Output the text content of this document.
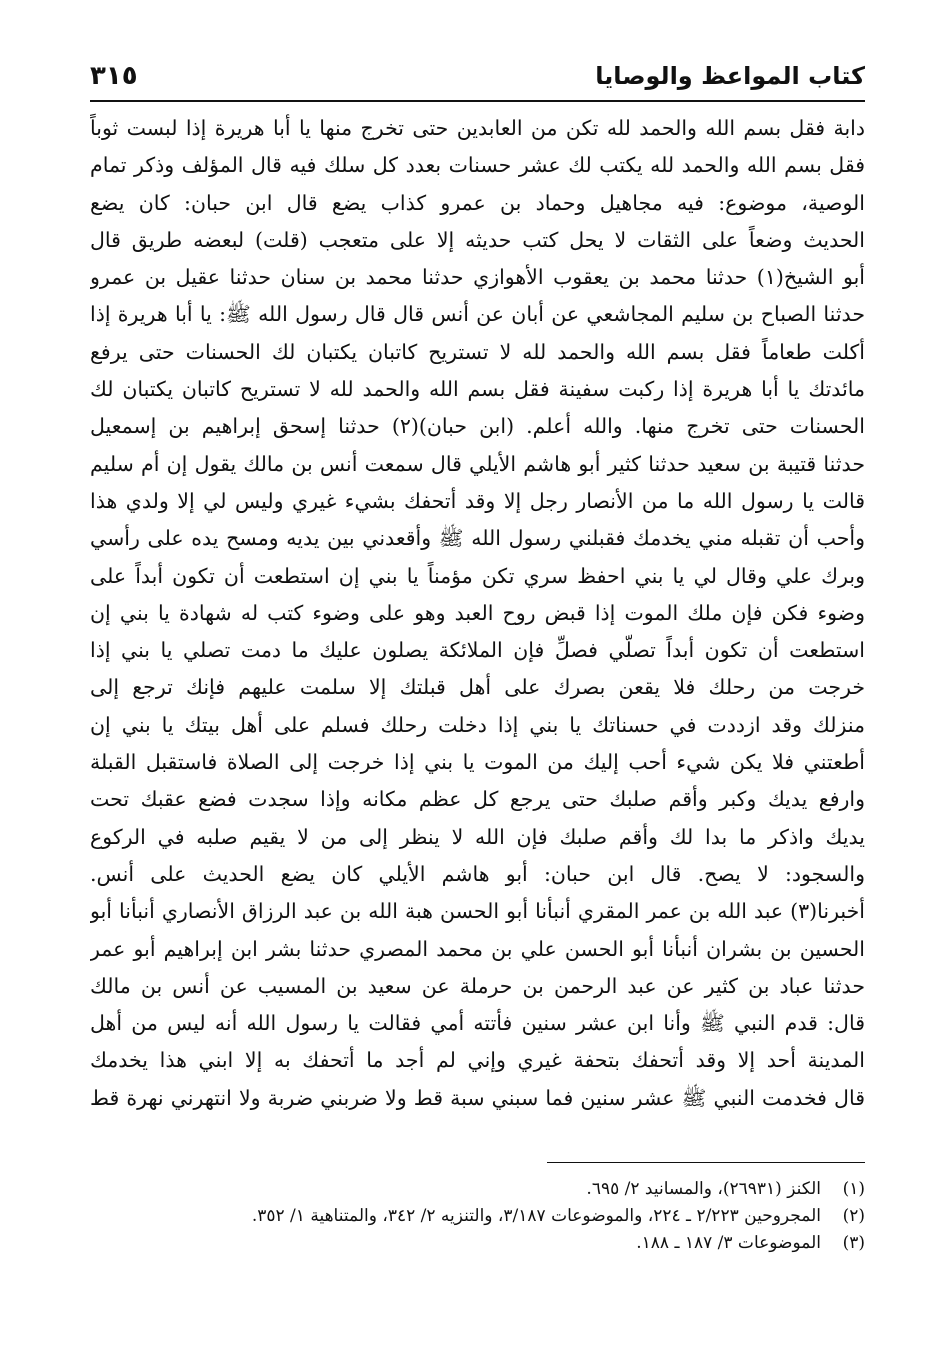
كتاب المواعظ والوصايا
٣١٥
دابة فقل بسم الله والحمد لله تكن من العابدين حتى تخرج منها يا أبا هريرة إذا لبست ثوباً
فقل بسم الله والحمد لله يكتب لك عشر حسنات بعدد كل سلك فيه قال المؤلف وذكر تمام
الوصية، موضوع: فيه مجاهيل وحماد بن عمرو كذاب يضع قال ابن حبان: كان يضع
الحديث وضعاً على الثقات لا يحل كتب حديثه إلا على متعجب (قلت) لبعضه طريق قال
أبو الشيخ(١) حدثنا محمد بن يعقوب الأهوازي حدثنا محمد بن سنان حدثنا عقيل بن عمرو
حدثنا الصباح بن سليم المجاشعي عن أبان عن أنس قال قال رسول الله ﷺ: يا أبا هريرة إذا
أكلت طعاماً فقل بسم الله والحمد لله لا تستريح كاتبان يكتبان لك الحسنات حتى يرفع
مائدتك يا أبا هريرة إذا ركبت سفينة فقل بسم الله والحمد لله لا تستريح كاتبان يكتبان لك
الحسنات حتى تخرج منها. والله أعلم. (ابن حبان)(٢) حدثنا إسحق إبراهيم بن إسمعيل
حدثنا قتيبة بن سعيد حدثنا كثير أبو هاشم الأيلي قال سمعت أنس بن مالك يقول إن أم سليم
قالت يا رسول الله ما من الأنصار رجل إلا وقد أتحفك بشيء غيري وليس لي إلا ولدي هذا
وأحب أن تقبله مني يخدمك فقبلني رسول الله ﷺ وأقعدني بين يديه ومسح يده على رأسي
وبرك علي وقال لي يا بني احفظ سري تكن مؤمناً يا بني إن استطعت أن تكون أبداً على
وضوء فكن فإن ملك الموت إذا قبض روح العبد وهو على وضوء كتب له شهادة يا بني إن
استطعت أن تكون أبداً تصلّي فصلِّ فإن الملائكة يصلون عليك ما دمت تصلي يا بني إذا
خرجت من رحلك فلا يقعن بصرك على أهل قبلتك إلا سلمت عليهم فإنك ترجع إلى
منزلك وقد ازددت في حسناتك يا بني إذا دخلت رحلك فسلم على أهل بيتك يا بني إن
أطعتني فلا يكن شيء أحب إليك من الموت يا بني إذا خرجت إلى الصلاة فاستقبل القبلة
وارفع يديك وكبر وأقم صلبك حتى يرجع كل عظم مكانه وإذا سجدت فضع عقبك تحت
يديك واذكر ما بدا لك وأقم صلبك فإن الله لا ينظر إلى من لا يقيم صلبه في الركوع
والسجود: لا يصح. قال ابن حبان: أبو هاشم الأيلي كان يضع الحديث على أنس.
أخبرنا(٣) عبد الله بن عمر المقري أنبأنا أبو الحسن هبة الله بن عبد الرزاق الأنصاري أنبأنا أبو
الحسين بن بشران أنبأنا أبو الحسن علي بن محمد المصري حدثنا بشر ابن إبراهيم أبو عمر
حدثنا عباد بن كثير عن عبد الرحمن بن حرملة عن سعيد بن المسيب عن أنس بن مالك
قال: قدم النبي ﷺ وأنا ابن عشر سنين فأتته أمي فقالت يا رسول الله أنه ليس من أهل
المدينة أحد إلا وقد أتحفك بتحفة غيري وإني لم أجد ما أتحفك به إلا ابني هذا يخدمك
قال فخدمت النبي ﷺ عشر سنين فما سبني سبة قط ولا ضربني ضربة ولا انتهرني نهرة قط
(١)
الكنز (٢٦٩٣١)، والمسانيد ٢/ ٦٩٥.
(٢)
المجروحين ٢/٢٢٣ ـ ٢٢٤، والموضوعات ٣/١٨٧، والتنزيه ٢/ ٣٤٢، والمتناهية ١/ ٣٥٢.
(٣)
الموضوعات ٣/ ١٨٧ ـ ١٨٨.
